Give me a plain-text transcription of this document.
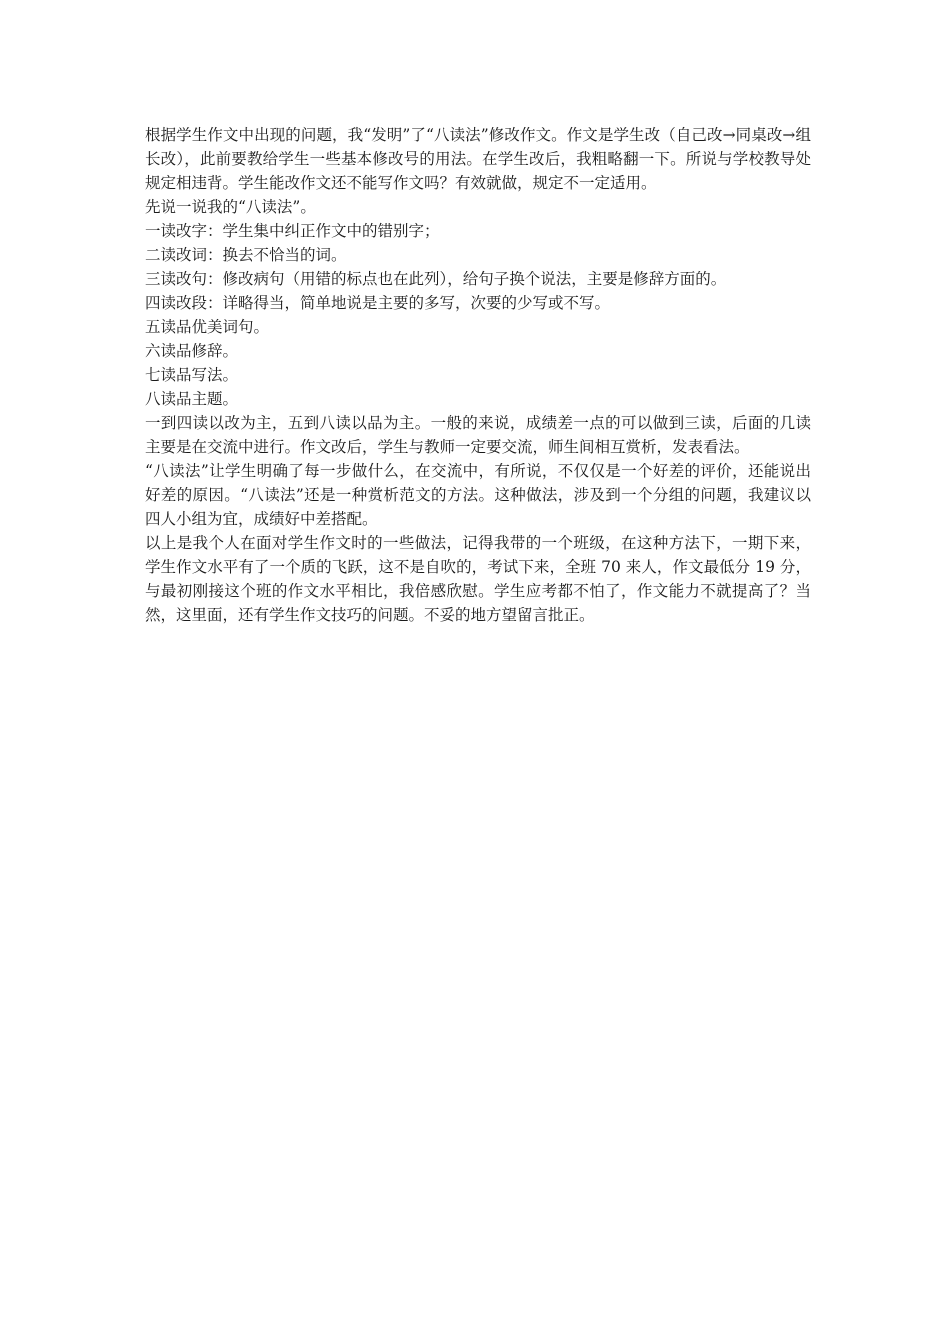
根据学生作文中出现的问题，我“发明”了“八读法”修改作文。作文是学生改（自己改→同桌改→组长改），此前要教给学生一些基本修改号的用法。在学生改后，我粗略翻一下。所说与学校教导处规定相违背。学生能改作文还不能写作文吗？有效就做，规定不一定适用。

先说一说我的“八读法”。

一读改字：学生集中纠正作文中的错别字；

二读改词：换去不恰当的词。

三读改句：修改病句（用错的标点也在此列），给句子换个说法，主要是修辞方面的。

四读改段：详略得当，简单地说是主要的多写，次要的少写或不写。

五读品优美词句。

六读品修辞。

七读品写法。

八读品主题。

一到四读以改为主，五到八读以品为主。一般的来说，成绩差一点的可以做到三读，后面的几读主要是在交流中进行。作文改后，学生与教师一定要交流，师生间相互赏析，发表看法。

“八读法”让学生明确了每一步做什么，在交流中，有所说，不仅仅是一个好差的评价，还能说出好差的原因。“八读法”还是一种赏析范文的方法。这种做法，涉及到一个分组的问题，我建议以四人小组为宜，成绩好中差搭配。

以上是我个人在面对学生作文时的一些做法，记得我带的一个班级，在这种方法下，一期下来，学生作文水平有了一个质的飞跃，这不是自吹的，考试下来，全班 70 来人，作文最低分 19 分，与最初刚接这个班的作文水平相比，我倍感欣慰。学生应考都不怕了，作文能力不就提高了？当然，这里面，还有学生作文技巧的问题。不妥的地方望留言批正。
